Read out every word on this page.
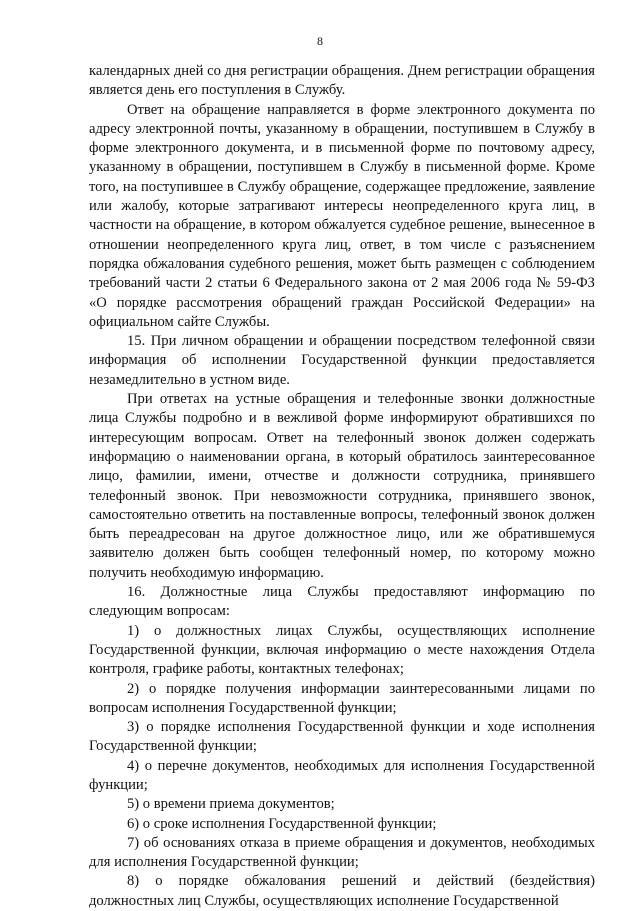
8

календарных дней со дня регистрации обращения. Днем регистрации обращения является день его поступления в Службу.

Ответ на обращение направляется в форме электронного документа по адресу электронной почты, указанному в обращении, поступившем в Службу в форме электронного документа, и в письменной форме по почтовому адресу, указанному в обращении, поступившем в Службу в письменной форме. Кроме того, на поступившее в Службу обращение, содержащее предложение, заявление или жалобу, которые затрагивают интересы неопределенного круга лиц, в частности на обращение, в котором обжалуется судебное решение, вынесенное в отношении неопределенного круга лиц, ответ, в том числе с разъяснением порядка обжалования судебного решения, может быть размещен с соблюдением требований части 2 статьи 6 Федерального закона от 2 мая 2006 года № 59-ФЗ «О порядке рассмотрения обращений граждан Российской Федерации» на официальном сайте Службы.

15. При личном обращении и обращении посредством телефонной связи информация об исполнении Государственной функции предоставляется незамедлительно в устном виде.

При ответах на устные обращения и телефонные звонки должностные лица Службы подробно и в вежливой форме информируют обратившихся по интересующим вопросам. Ответ на телефонный звонок должен содержать информацию о наименовании органа, в который обратилось заинтересованное лицо, фамилии, имени, отчестве и должности сотрудника, принявшего телефонный звонок. При невозможности сотрудника, принявшего звонок, самостоятельно ответить на поставленные вопросы, телефонный звонок должен быть переадресован на другое должностное лицо, или же обратившемуся заявителю должен быть сообщен телефонный номер, по которому можно получить необходимую информацию.

16. Должностные лица Службы предоставляют информацию по следующим вопросам:

1) о должностных лицах Службы, осуществляющих исполнение Государственной функции, включая информацию о месте нахождения Отдела контроля, графике работы, контактных телефонах;

2) о порядке получения информации заинтересованными лицами по вопросам исполнения Государственной функции;

3) о порядке исполнения Государственной функции и ходе исполнения Государственной функции;

4) о перечне документов, необходимых для исполнения Государственной функции;

5) о времени приема документов;

6) о сроке исполнения Государственной функции;

7) об основаниях отказа в приеме обращения и документов, необходимых для исполнения Государственной функции;

8) о порядке обжалования решений и действий (бездействия) должностных лиц Службы, осуществляющих исполнение Государственной
